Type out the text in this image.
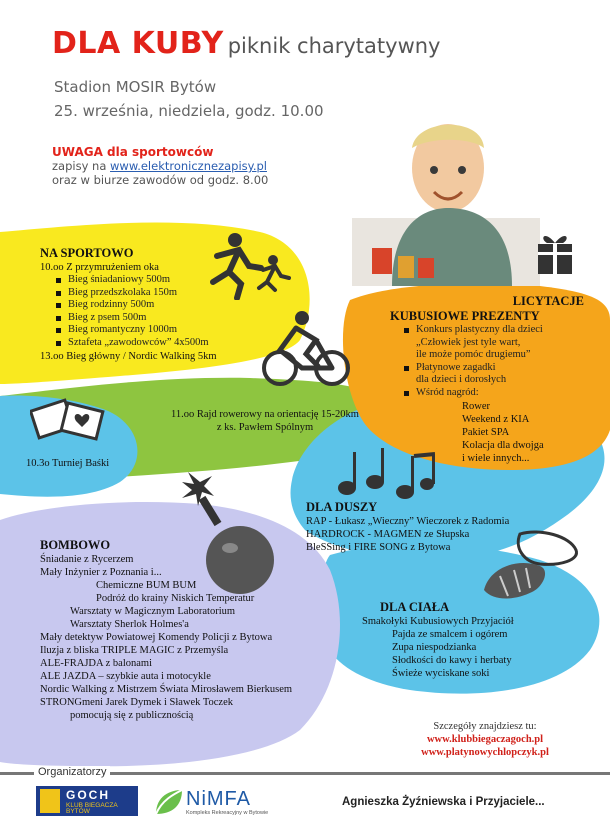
DLA KUBY piknik charytatywny
Stadion MOSIR Bytów
25. września, niedziela, godz. 10.00
UWAGA dla sportowców
zapisy na www.elektronicznezapisy.pl
oraz w biurze zawodów od godz. 8.00
NA SPORTOWO
10.oo Z przymrużeniem oka
Bieg śniadaniowy 500m
Bieg przedszkolaka 150m
Bieg rodzinny 500m
Bieg z psem 500m
Bieg romantyczny 1000m
Sztafeta „zawodowców” 4x500m
13.oo Bieg główny / Nordic Walking 5km
11.oo Rajd rowerowy na orientację 15-20km
z ks. Pawłem Spólnym
10.3o Turniej Baśki
LICYTACJE
KUBUSIOWE PREZENTY
Konkurs plastyczny dla dzieci
„Człowiek jest tyle wart,
ile może pomóc drugiemu”
Płatynowe zagadki
dla dzieci i dorosłych
Wśród nagród:
Rower
Weekend z KIA
Pakiet SPA
Kolacja dla dwojga
i wiele innych...
DLA DUSZY
RAP - Łukasz „Wieczny” Wieczorek z Radomia
HARDROCK - MAGMEN ze Słupska
BleSSing i FIRE SONG z Bytowa
BOMBOWO
Śniadanie z Rycerzem
Mały Inżynier z Poznania i...
Chemiczne BUM BUM
Podróż do krainy Niskich Temperatur
Warsztaty w Magicznym Laboratorium
Warsztaty Sherlok Holmes'a
Mały detektyw Powiatowej Komendy Policji z Bytowa
Iluzja z bliska TRIPLE MAGIC z Przemyśla
ALE-FRAJDA z balonami
ALE JAZDA – szybkie auta i motocykle
Nordic Walking z Mistrzem Świata Mirosławem Bierkusem
STRONGmeni Jarek Dymek i Sławek Toczek
pomocują się z publicznością
DLA CIAŁA
Smakołyki Kubusiowych Przyjaciół
Pajda ze smalcem i ogórem
Zupa niespodzianka
Słodkości do kawy i herbaty
Świeże wyciskane soki
Szczegóły znajdziesz tu:
www.klubbiegaczagoch.pl
www.platynowychlopczyk.pl
Organizatorzy
GOCH
KLUB BIEGACZA BYTÓW
NiMFA
Kompleks Rekreacyjny w Bytowie
Agnieszka Żyźniewska i Przyjaciele...
